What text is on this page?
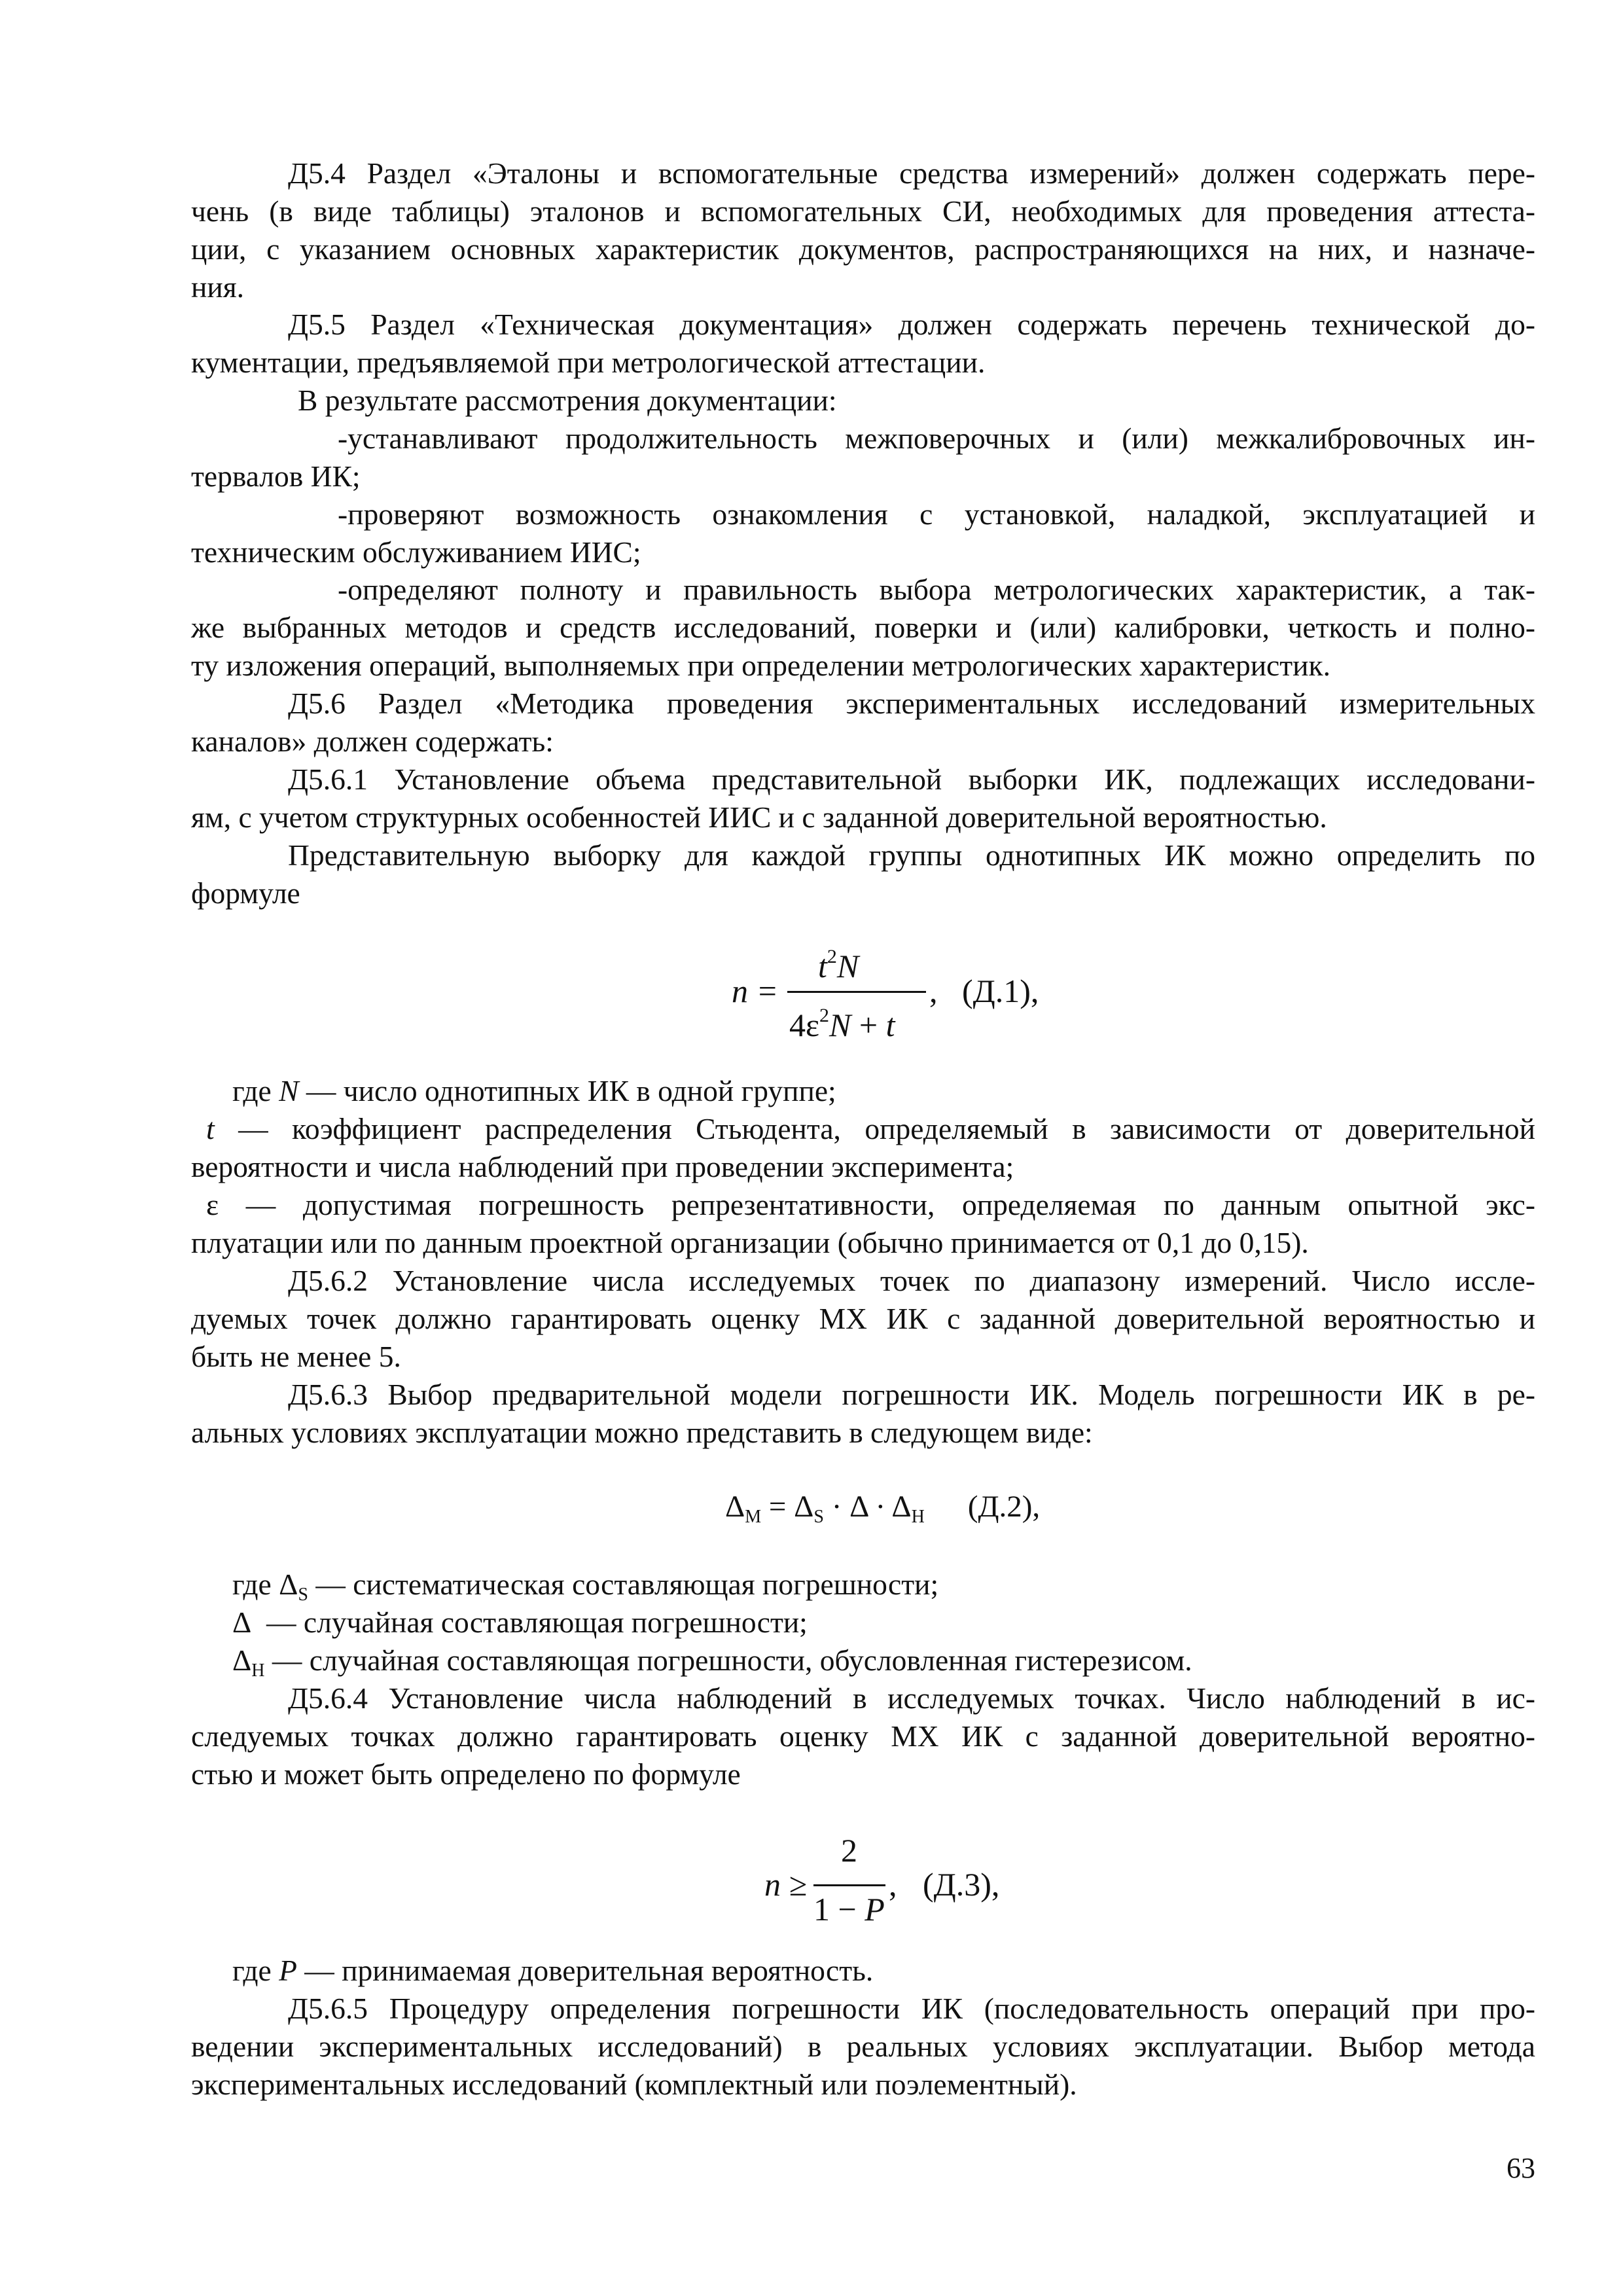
Д5.4 Раздел «Эталоны и вспомогательные средства измерений» должен содержать пере-
чень (в виде таблицы) эталонов и вспомогательных СИ, необходимых для проведения аттеста-
ции, с указанием основных характеристик документов, распространяющихся на них, и назначе-
ния.
Д5.5 Раздел «Техническая документация» должен содержать перечень технической до-
кументации, предъявляемой при метрологической аттестации.
В результате рассмотрения документации:
-устанавливают продолжительность межповерочных и (или) межкалибровочных ин-
тервалов ИК;
-проверяют возможность ознакомления с установкой, наладкой, эксплуатацией и
техническим обслуживанием ИИС;
-определяют полноту и правильность выбора метрологических характеристик, а так-
же выбранных методов и средств исследований, поверки и (или) калибровки, четкость и полно-
ту изложения операций, выполняемых при определении метрологических характеристик.
Д5.6 Раздел «Методика проведения экспериментальных исследований измерительных
каналов» должен содержать:
Д5.6.1 Установление объема представительной выборки ИК, подлежащих исследовани-
ям, с учетом структурных особенностей ИИС и с заданной доверительной вероятностью.
Представительную выборку для каждой группы однотипных ИК можно определить по
формуле
n =
$t^2N$
$4\varepsilon^2N + t$
, (Д.1),
где N — число однотипных ИК в одной группе;
t — коэффициент распределения Стьюдента, определяемый в зависимости от доверительной
вероятности и числа наблюдений при проведении эксперимента;
ε — допустимая погрешность репрезентативности, определяемая по данным опытной экс-
плуатации или по данным проектной организации (обычно принимается от 0,1 до 0,15).
Д5.6.2 Установление числа исследуемых точек по диапазону измерений. Число иссле-
дуемых точек должно гарантировать оценку МХ ИК с заданной доверительной вероятностью и
быть не менее 5.
Д5.6.3 Выбор предварительной модели погрешности ИК. Модель погрешности ИК в ре-
альных условиях эксплуатации можно представить в следующем виде:
$\Delta_М = \Delta_S \cdot \Delta \cdot \Delta_Н$ (Д.2),
где $\Delta_S$ — систематическая составляющая погрешности;
Δ — случайная составляющая погрешности;
$\Delta_Н$ — случайная составляющая погрешности, обусловленная гистерезисом.
Д5.6.4 Установление числа наблюдений в исследуемых точках. Число наблюдений в ис-
следуемых точках должно гарантировать оценку МХ ИК с заданной доверительной вероятно-
стью и может быть определено по формуле
n ≥
2
1 − P
, (Д.3),
где P — принимаемая доверительная вероятность.
Д5.6.5 Процедуру определения погрешности ИК (последовательность операций при про-
ведении экспериментальных исследований) в реальных условиях эксплуатации. Выбор метода
экспериментальных исследований (комплектный или поэлементный).
63
